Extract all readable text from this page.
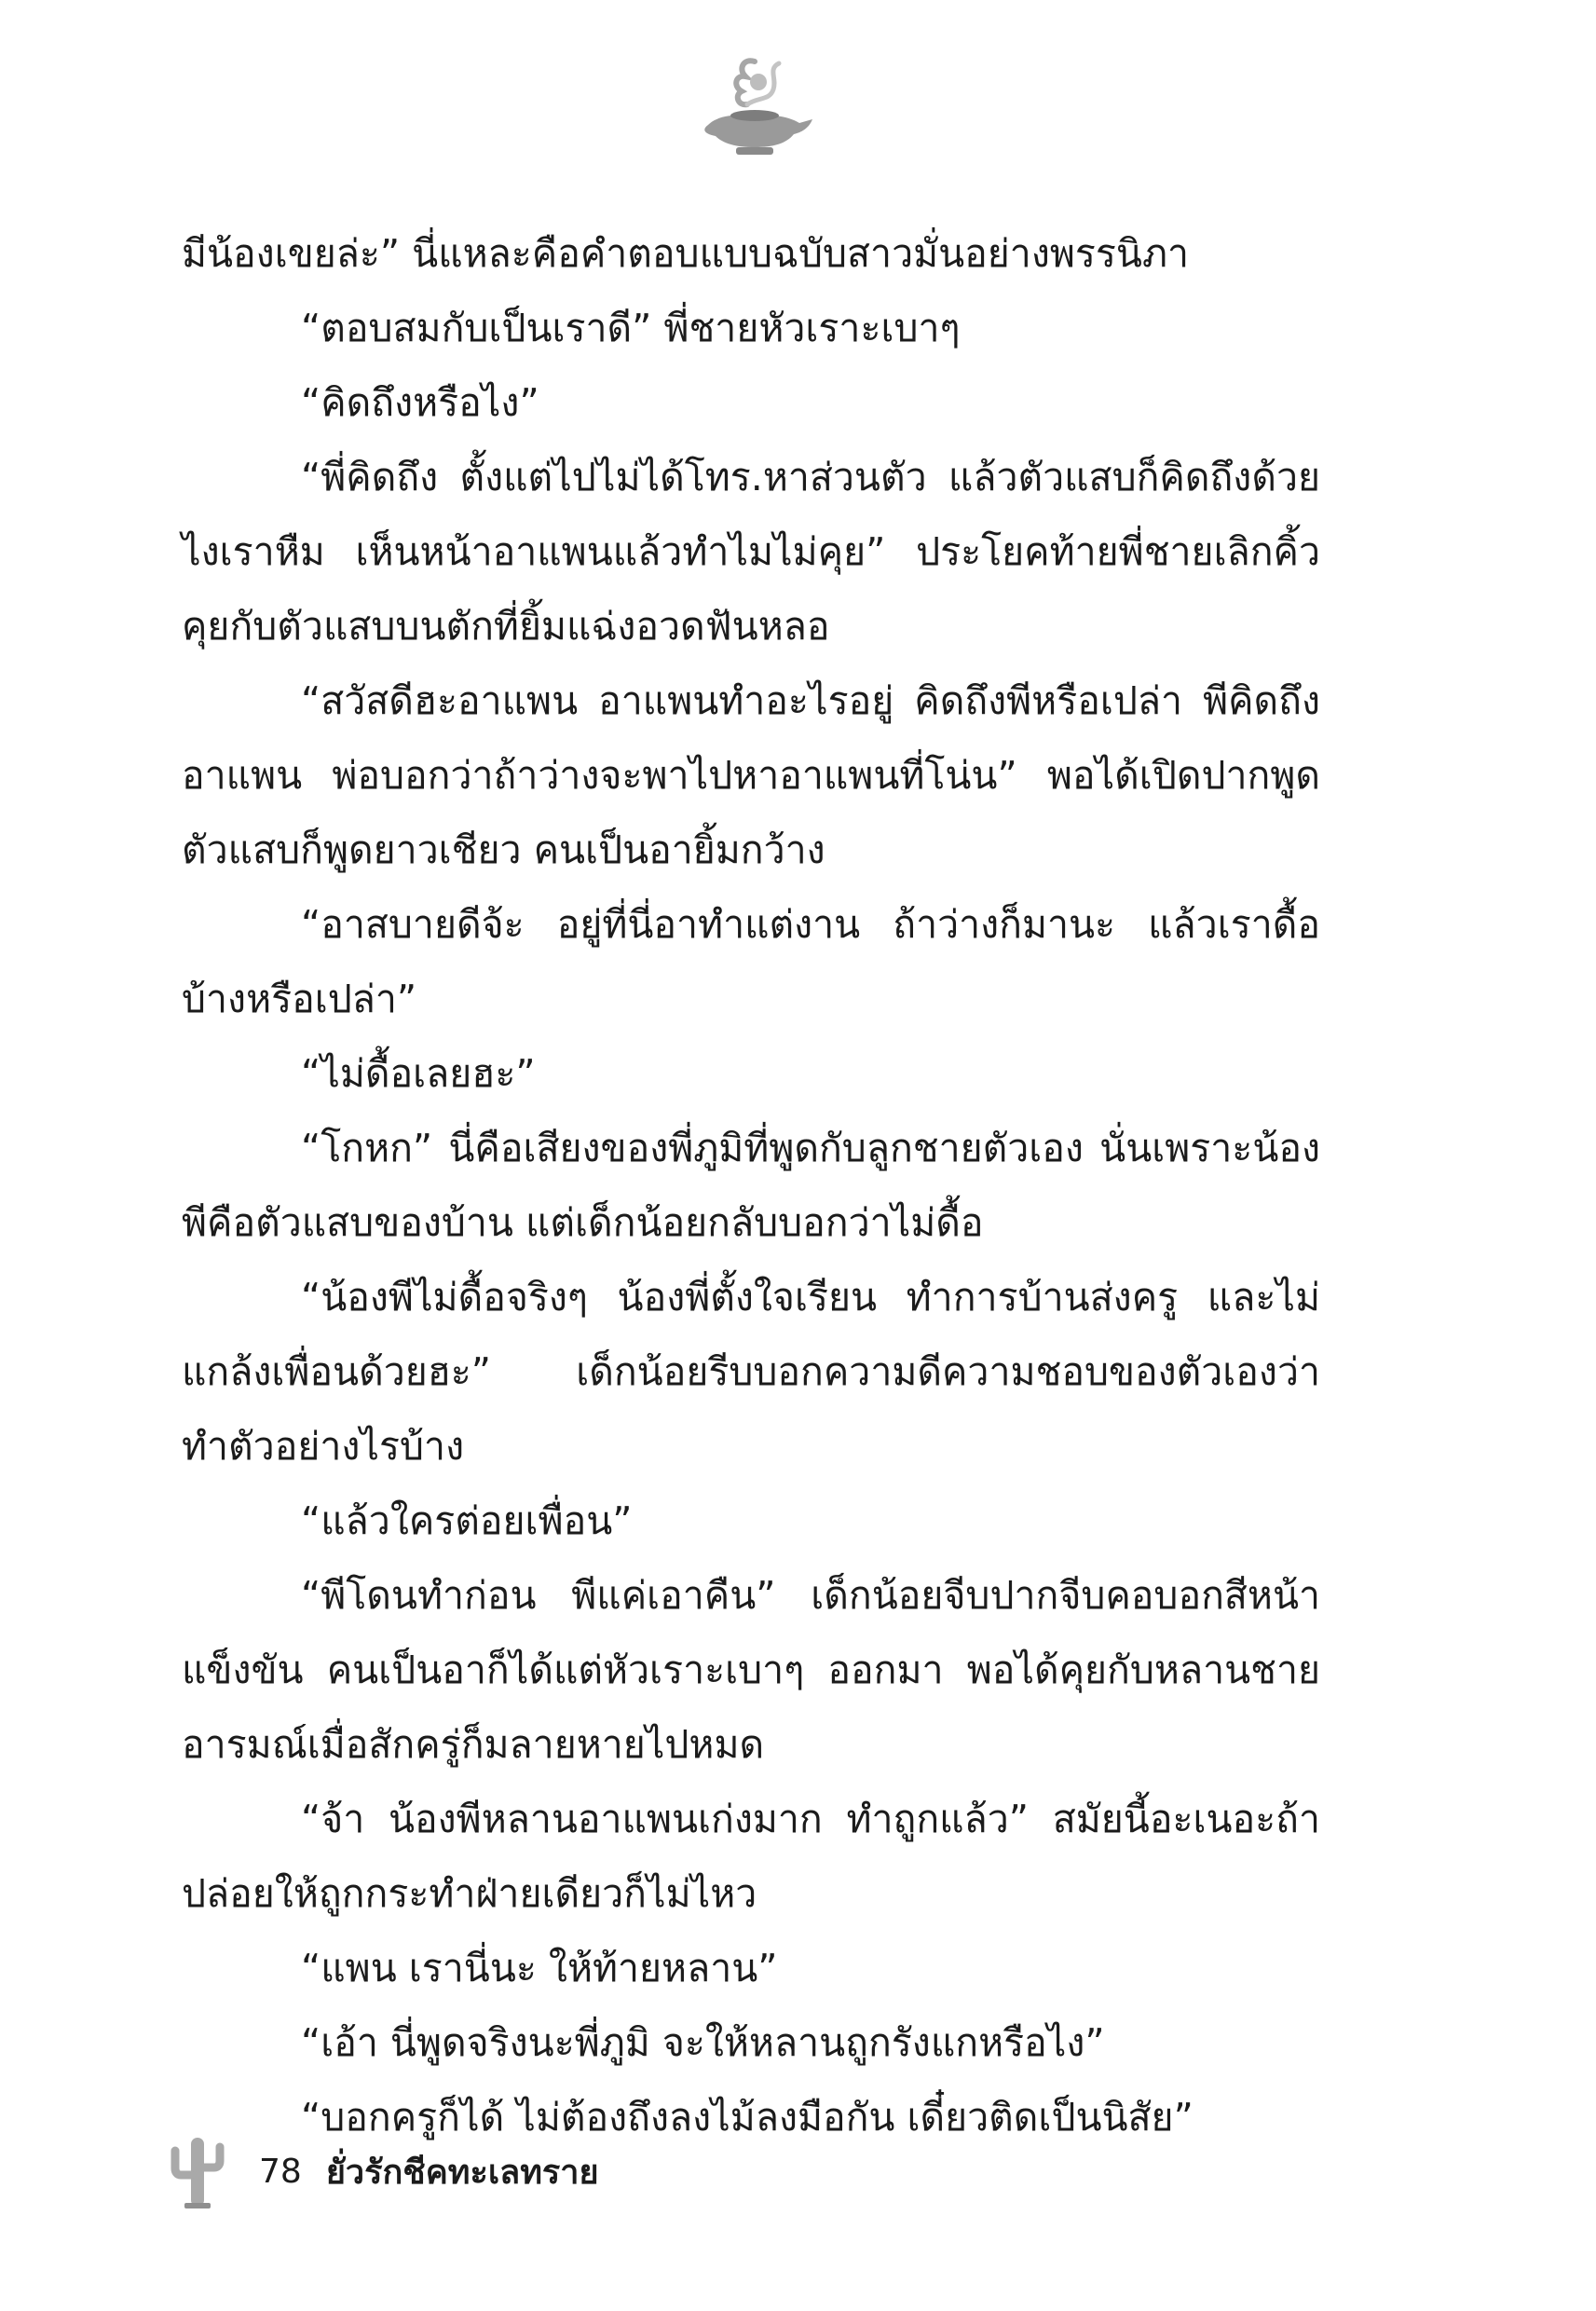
มีน้องเขยล่ะ” นี่แหละคือคำตอบแบบฉบับสาวมั่นอย่างพรรนิภา

“ตอบสมกับเป็นเราดี” พี่ชายหัวเราะเบาๆ

“คิดถึงหรือไง”

“พี่คิดถึง ตั้งแต่ไปไม่ได้โทร.หาส่วนตัว แล้วตัวแสบก็คิดถึงด้วย ไงเราหืม เห็นหน้าอาแพนแล้วทำไมไม่คุย” ประโยคท้ายพี่ชายเลิกคิ้วคุยกับตัวแสบบนตักที่ยิ้มแฉ่งอวดฟันหลอ

“สวัสดีฮะอาแพน อาแพนทำอะไรอยู่ คิดถึงพีหรือเปล่า พีคิดถึงอาแพน พ่อบอกว่าถ้าว่างจะพาไปหาอาแพนที่โน่น” พอได้เปิดปากพูดตัวแสบก็พูดยาวเชียว คนเป็นอายิ้มกว้าง

“อาสบายดีจ้ะ อยู่ที่นี่อาทำแต่งาน ถ้าว่างก็มานะ แล้วเราดื้อบ้างหรือเปล่า”

“ไม่ดื้อเลยฮะ”

“โกหก” นี่คือเสียงของพี่ภูมิที่พูดกับลูกชายตัวเอง นั่นเพราะน้องพีคือตัวแสบของบ้าน แต่เด็กน้อยกลับบอกว่าไม่ดื้อ

“น้องพีไม่ดื้อจริงๆ น้องพี่ตั้งใจเรียน ทำการบ้านส่งครู และไม่แกล้งเพื่อนด้วยฮะ” เด็กน้อยรีบบอกความดีความชอบของตัวเองว่าทำตัวอย่างไรบ้าง

“แล้วใครต่อยเพื่อน”

“พีโดนทำก่อน พีแค่เอาคืน” เด็กน้อยจีบปากจีบคอบอกสีหน้าแข็งขัน คนเป็นอาก็ได้แต่หัวเราะเบาๆ ออกมา พอได้คุยกับหลานชายอารมณ์เมื่อสักครู่ก็มลายหายไปหมด

“จ้า น้องพีหลานอาแพนเก่งมาก ทำถูกแล้ว” สมัยนี้อะเนอะถ้าปล่อยให้ถูกกระทำฝ่ายเดียวก็ไม่ไหว

“แพน เรานี่นะ ให้ท้ายหลาน”

“เอ้า นี่พูดจริงนะพี่ภูมิ จะให้หลานถูกรังแกหรือไง”

“บอกครูก็ได้ ไม่ต้องถึงลงไม้ลงมือกัน เดี๋ยวติดเป็นนิสัย”

78 ยั่วรักชีคทะเลทราย
